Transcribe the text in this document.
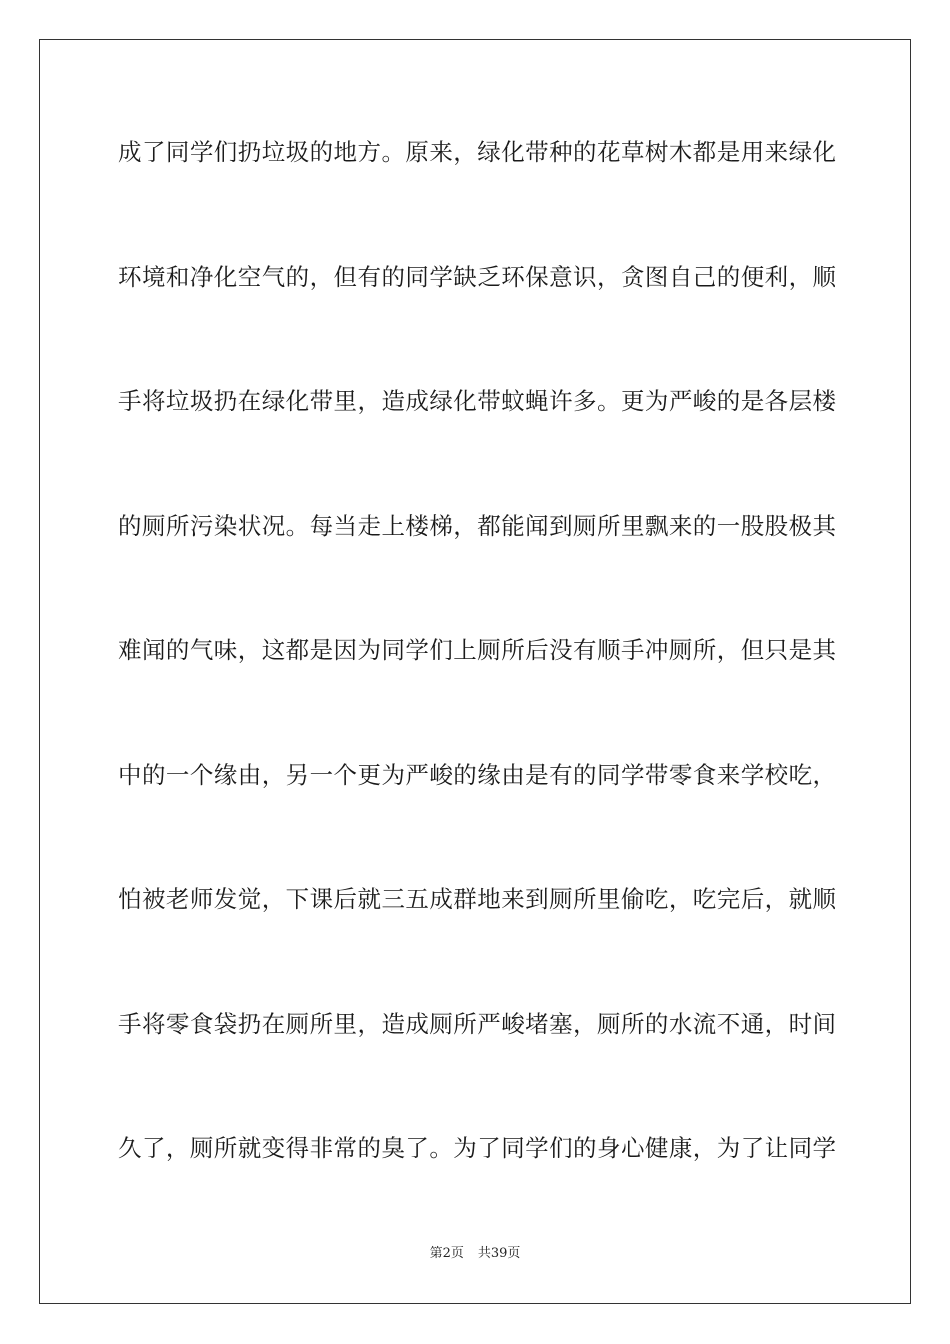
成了同学们扔垃圾的地方。原来，绿化带种的花草树木都是用来绿化
环境和净化空气的，但有的同学缺乏环保意识，贪图自己的便利，顺
手将垃圾扔在绿化带里，造成绿化带蚊蝇许多。更为严峻的是各层楼
的厕所污染状况。每当走上楼梯，都能闻到厕所里飘来的一股股极其
难闻的气味，这都是因为同学们上厕所后没有顺手冲厕所，但只是其
中的一个缘由，另一个更为严峻的缘由是有的同学带零食来学校吃，
怕被老师发觉，下课后就三五成群地来到厕所里偷吃，吃完后，就顺
手将零食袋扔在厕所里，造成厕所严峻堵塞，厕所的水流不通，时间
久了，厕所就变得非常的臭了。为了同学们的身心健康，为了让同学
第2页 共39页
